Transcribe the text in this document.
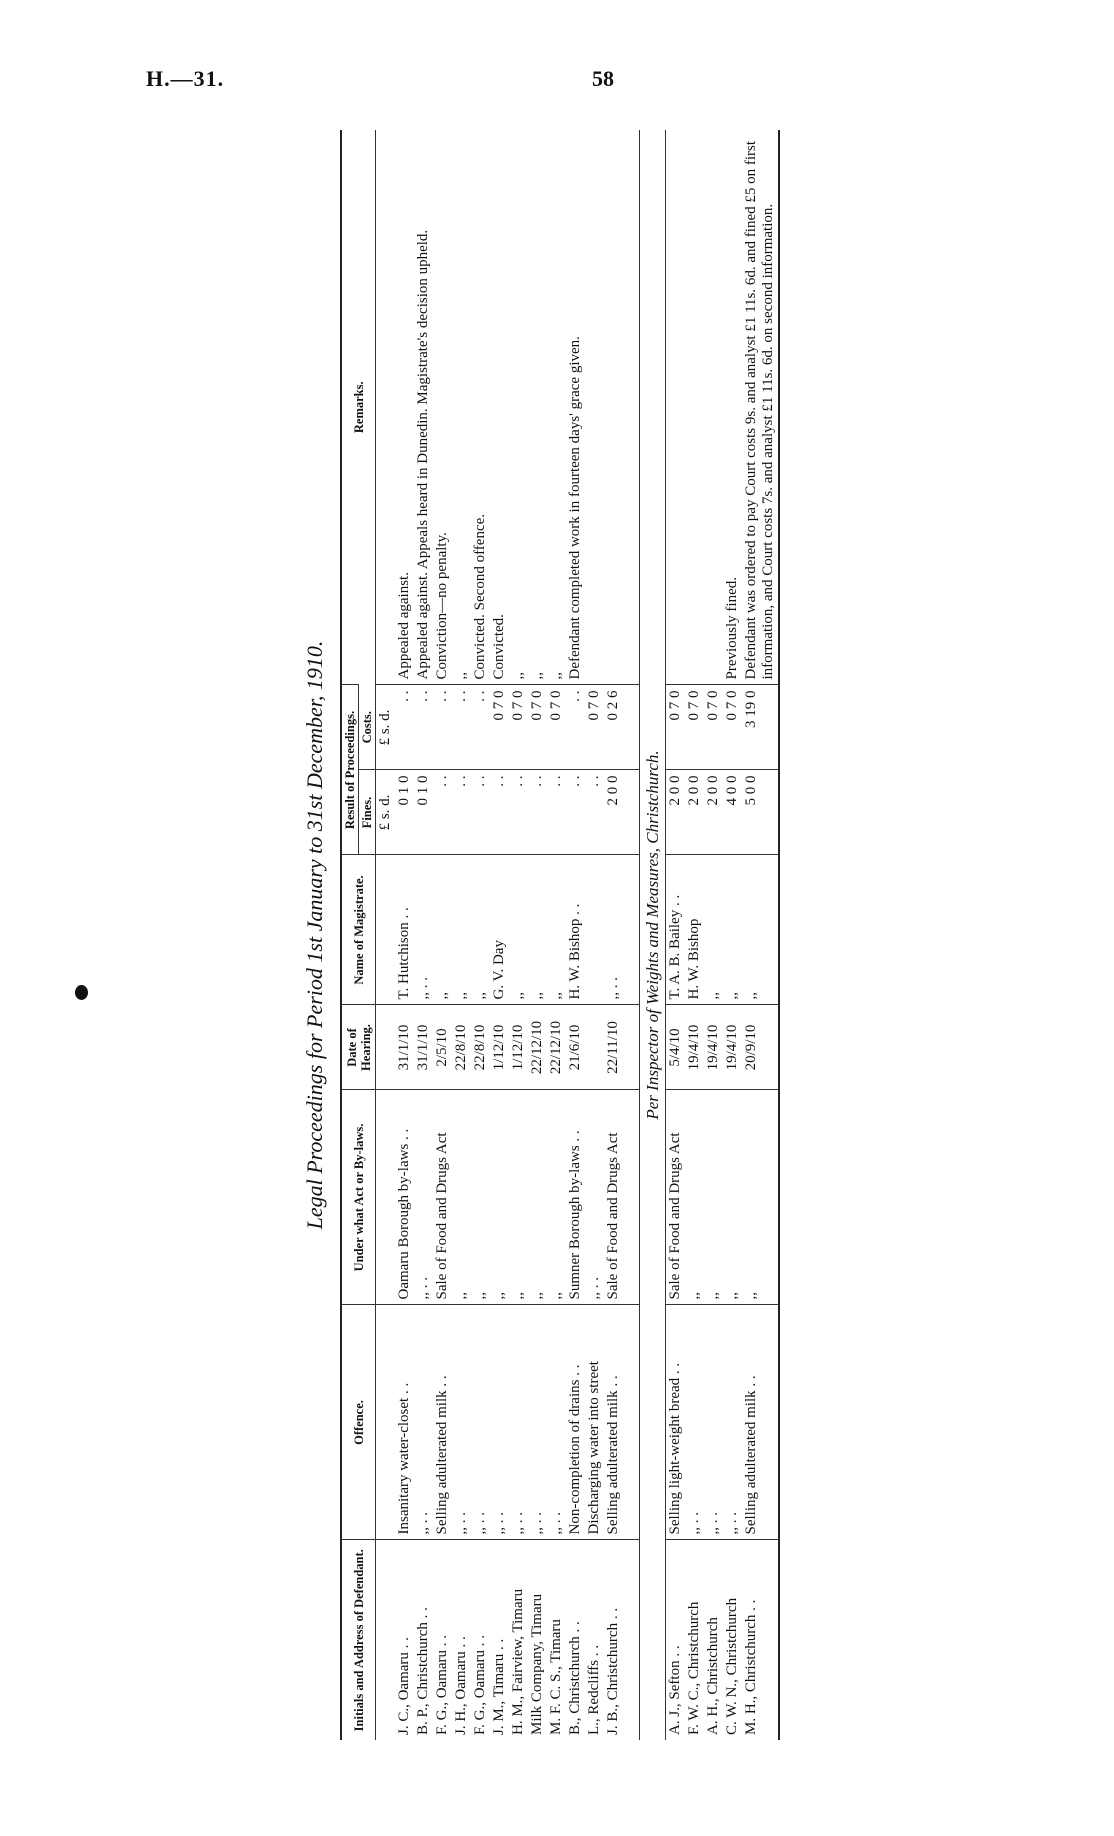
H.—31.	58
Legal Proceedings for Period 1st January to 31st December, 1910.
Initials and Address of Defendant.	Offence.	Under what Act or By-laws.	Date of Hearing.	Name of Magistrate.	Result of Proceedings.		Remarks.
					Fines.	Costs.	
					£ s. d.	£ s. d.	
J. C., Oamaru . .	Insanitary water-closet . .	Oamaru Borough by-laws . .	31/1/10	T. Hutchison . .	0 1 0	. .	Appealed against.
B. P., Christchurch . .	,, . .	,, . .	31/1/10	,, . .	0 1 0	. .	Appealed against. Appeals heard in Dunedin. Magistrate's decision upheld.
F. G., Oamaru . .	Selling adulterated milk . .	Sale of Food and Drugs Act	2/5/10	,,	. .	. .	Conviction—no penalty.
J. H., Oamaru . .	,, . .	,,	22/8/10	,,	. .	. .	,,
F. G., Oamaru . .	,, . .	,,	22/8/10	,,	. .	. .	Convicted. Second offence.
J. M., Timaru . .	,, . .	,,	1/12/10	G. V. Day	. .	0 7 0	Convicted.
H. M., Fairview, Timaru	,, . .	,,	1/12/10	,,	. .	0 7 0	,,
Milk Company, Timaru	,, . .	,,	22/12/10	,,	. .	0 7 0	,,
M. F. C. S., Timaru	,, . .	,,	22/12/10	,,	. .	0 7 0	,,
B., Christchurch . .	Non-completion of drains . .	Sumner Borough by-laws . .	21/6/10	H. W. Bishop . .	. .	. .	Defendant completed work in fourteen days' grace given.
L., Redcliffs . .	Discharging water into street	,, . .			. .	0 7 0	
J. B., Christchurch . .	Selling adulterated milk . .	Sale of Food and Drugs Act	22/11/10	,, . .	2 0 0	0 2 6	

Per Inspector of Weights and Measures, Christchurch.							
A. J., Sefton . .	Selling light-weight bread . .	Sale of Food and Drugs Act	5/4/10	T. A. B. Bailey . .	2 0 0	0 7 0	
F. W. C., Christchurch	,, . .	,,	19/4/10	H. W. Bishop	2 0 0	0 7 0	
A. H., Christchurch	,, . .	,,	19/4/10	,,	2 0 0	0 7 0	
C. W. N., Christchurch	,, . .	,,	19/4/10	,,	4 0 0	0 7 0	Previously fined.
M. H., Christchurch . .	Selling adulterated milk . .	,,	20/9/10	,,	5 0 0	3 19 0	Defendant was ordered to pay Court costs 9s. and analyst £1 11s. 6d. and fined £5 on first information, and Court costs 7s. and analyst £1 11s. 6d. on second information.
